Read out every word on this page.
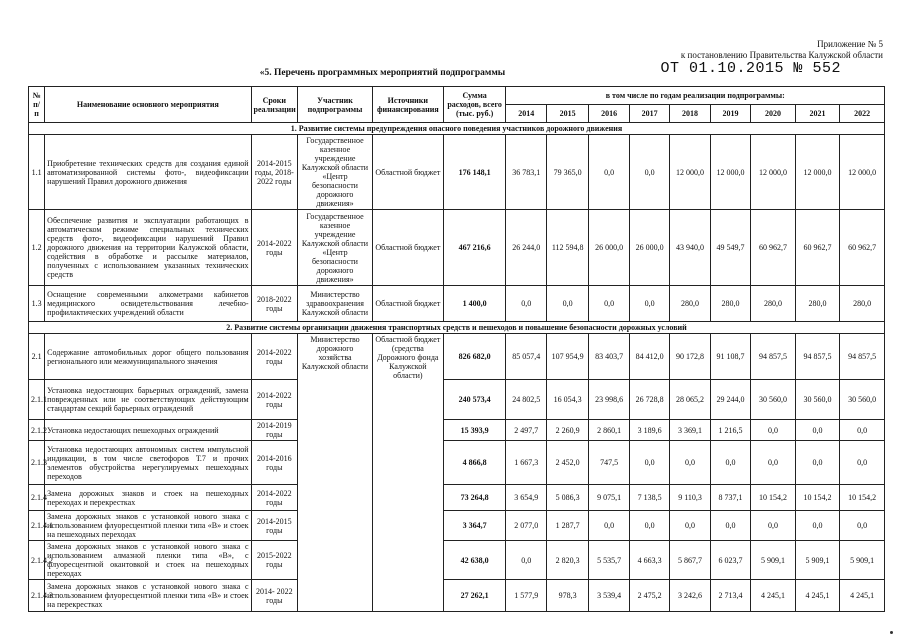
Приложение № 5
к постановлению Правительства Калужской области
ОТ 01.10.2015 № 552
«5. Перечень программных мероприятий подпрограммы
№ п/п	Наименование основного мероприятия	Сроки реализации	Участник подпрограммы	Источники финансирования	Сумма расходов, всего (тыс. руб.)	в том числе по годам реализации подпрограммы:								
						2014	2015	2016	2017	2018	2019	2020	2021	2022
1. Развитие системы предупреждения опасного поведения участников дорожного движения														
1.1	Приобретение технических средств для создания единой автоматизированной системы фото-, видеофиксации нарушений Правил дорожного движения	2014-2015 годы, 2018-2022 годы	Государственное казенное учреждение Калужской области «Центр безопасности дорожного движения»	Областной бюджет	176 148,1	36 783,1	79 365,0	0,0	0,0	12 000,0	12 000,0	12 000,0	12 000,0	12 000,0
1.2	Обеспечение развития и эксплуатации работающих в автоматическом режиме специальных технических средств фото-, видеофиксации нарушений Правил дорожного движения на территории Калужской области, содействия в обработке и рассылке материалов, полученных с использованием указанных технических средств	2014-2022 годы	Государственное казенное учреждение Калужской области «Центр безопасности дорожного движения»	Областной бюджет	467 216,6	26 244,0	112 594,8	26 000,0	26 000,0	43 940,0	49 549,7	60 962,7	60 962,7	60 962,7
1.3	Оснащение современными алкометрами кабинетов медицинского освидетельствования лечебно-профилактических учреждений области	2018-2022 годы	Министерство здравоохранения Калужской области	Областной бюджет	1 400,0	0,0	0,0	0,0	0,0	280,0	280,0	280,0	280,0	280,0
2. Развитие системы организации движения транспортных средств и пешеходов и повышение безопасности дорожных условий														
2.1	Содержание автомобильных дорог общего пользования регионального или межмуниципального значения	2014-2022 годы	Министерство дорожного хозяйства Калужской области	Областной бюджет (средства Дорожного фонда Калужской области)	826 682,0	85 057,4	107 954,9	83 403,7	84 412,0	90 172,8	91 108,7	94 857,5	94 857,5	94 857,5
2.1.1	Установка недостающих барьерных ограждений, замена поврежденных или не соответствующих действующим стандартам секций барьерных ограждений	2014-2022 годы			240 573,4	24 802,5	16 054,3	23 998,6	26 728,8	28 065,2	29 244,0	30 560,0	30 560,0	30 560,0
2.1.2	Установка недостающих пешеходных ограждений	2014-2019 годы			15 393,9	2 497,7	2 260,9	2 860,1	3 189,6	3 369,1	1 216,5	0,0	0,0	0,0
2.1.3	Установка недостающих автономных систем импульсной индикации, в том числе светофоров Т.7 и прочих элементов обустройства нерегулируемых пешеходных переходов	2014-2016 годы			4 866,8	1 667,3	2 452,0	747,5	0,0	0,0	0,0	0,0	0,0	0,0
2.1.4	Замена дорожных знаков и стоек на пешеходных переходах и перекрестках	2014-2022 годы			73 264,8	3 654,9	5 086,3	9 075,1	7 138,5	9 110,3	8 737,1	10 154,2	10 154,2	10 154,2
2.1.4.1	Замена дорожных знаков с установкой нового знака с использованием флуоресцентной пленки типа «В» и стоек на пешеходных переходах	2014-2015 годы			3 364,7	2 077,0	1 287,7	0,0	0,0	0,0	0,0	0,0	0,0	0,0
2.1.4.2	Замена дорожных знаков с установкой нового знака с использованием алмазной пленки типа «В», с флуоресцентной окантовкой и стоек на пешеходных переходах	2015-2022 годы			42 638,0	0,0	2 820,3	5 535,7	4 663,3	5 867,7	6 023,7	5 909,1	5 909,1	5 909,1
2.1.4.3	Замена дорожных знаков с установкой нового знака с использованием флуоресцентной пленки типа «В» и стоек на перекрестках	2014- 2022 годы			27 262,1	1 577,9	978,3	3 539,4	2 475,2	3 242,6	2 713,4	4 245,1	4 245,1	4 245,1
